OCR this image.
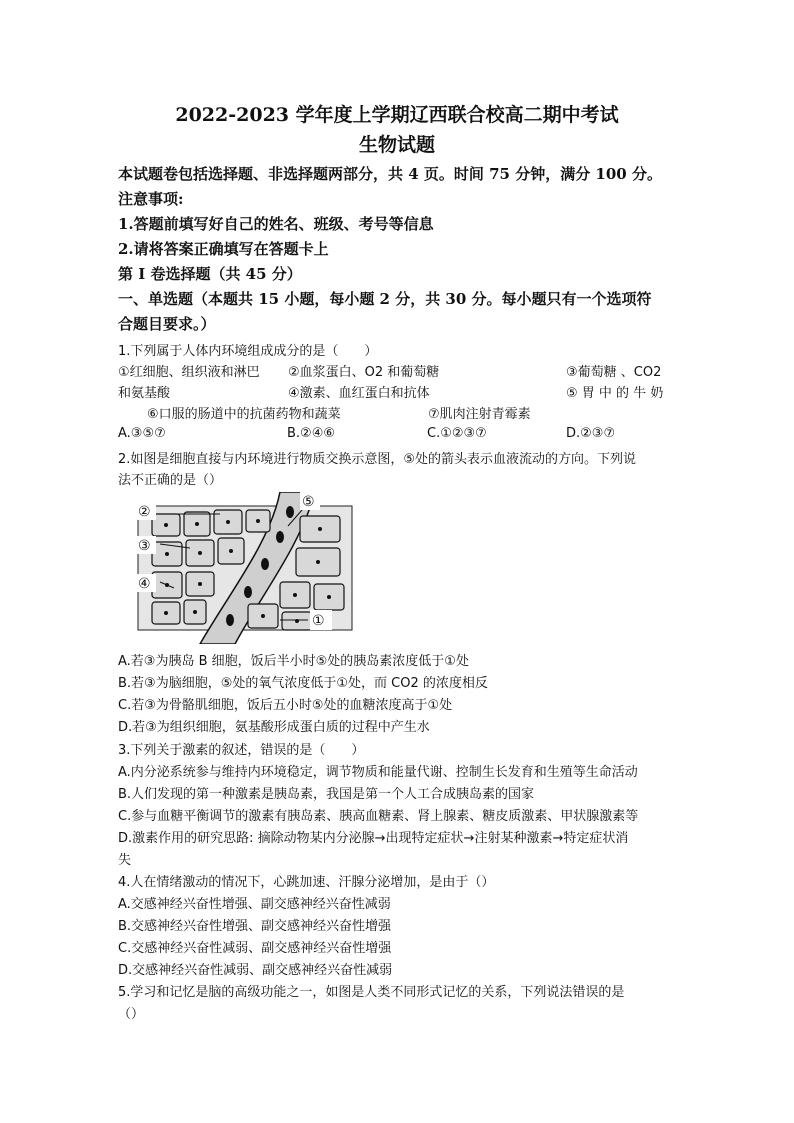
2022-2023 学年度上学期辽西联合校高二期中考试
生物试题
本试题卷包括选择题、非选择题两部分，共 4 页。时间 75 分钟，满分 100 分。
注意事项:
1.答题前填写好自己的姓名、班级、考号等信息
2.请将答案正确填写在答题卡上
第 I 卷选择题（共 45 分）
一、单选题（本题共 15 小题，每小题 2 分，共 30 分。每小题只有一个选项符
合题目要求。）
1.下列属于人体内环境组成成分的是（　　）
①红细胞、组织液和淋巴 ②血浆蛋白、O2 和葡萄糖	③葡萄糖 、CO2
和氨基酸	④激素、血红蛋白和抗体	⑤ 胃 中 的 牛 奶
⑥口服的肠道中的抗菌药物和蔬菜	⑦肌肉注射青霉素
A.③⑤⑦	B.②④⑥	C.①②③⑦	D.②③⑦
2.如图是细胞直接与内环境进行物质交换示意图，⑤处的箭头表示血液流动的方向。下列说
法不正确的是（）
②
③
④
⑤
①
A.若③为胰岛 B 细胞，饭后半小时⑤处的胰岛素浓度低于①处
B.若③为脑细胞，⑤处的氧气浓度低于①处，而 CO2 的浓度相反
C.若③为骨骼肌细胞，饭后五小时⑤处的血糖浓度高于①处
D.若③为组织细胞，氨基酸形成蛋白质的过程中产生水
3.下列关于激素的叙述，错误的是（　　）
A.内分泌系统参与维持内环境稳定，调节物质和能量代谢、控制生长发育和生殖等生命活动
B.人们发现的第一种激素是胰岛素，我国是第一个人工合成胰岛素的国家
C.参与血糖平衡调节的激素有胰岛素、胰高血糖素、肾上腺素、糖皮质激素、甲状腺激素等
D.激素作用的研究思路: 摘除动物某内分泌腺→出现特定症状→注射某种激素→特定症状消
失
4.人在情绪激动的情况下，心跳加速、汗腺分泌增加，是由于（）
A.交感神经兴奋性增强、副交感神经兴奋性减弱
B.交感神经兴奋性增强、副交感神经兴奋性增强
C.交感神经兴奋性减弱、副交感神经兴奋性增强
D.交感神经兴奋性减弱、副交感神经兴奋性减弱
5.学习和记忆是脑的高级功能之一，如图是人类不同形式记忆的关系，下列说法错误的是
（）
